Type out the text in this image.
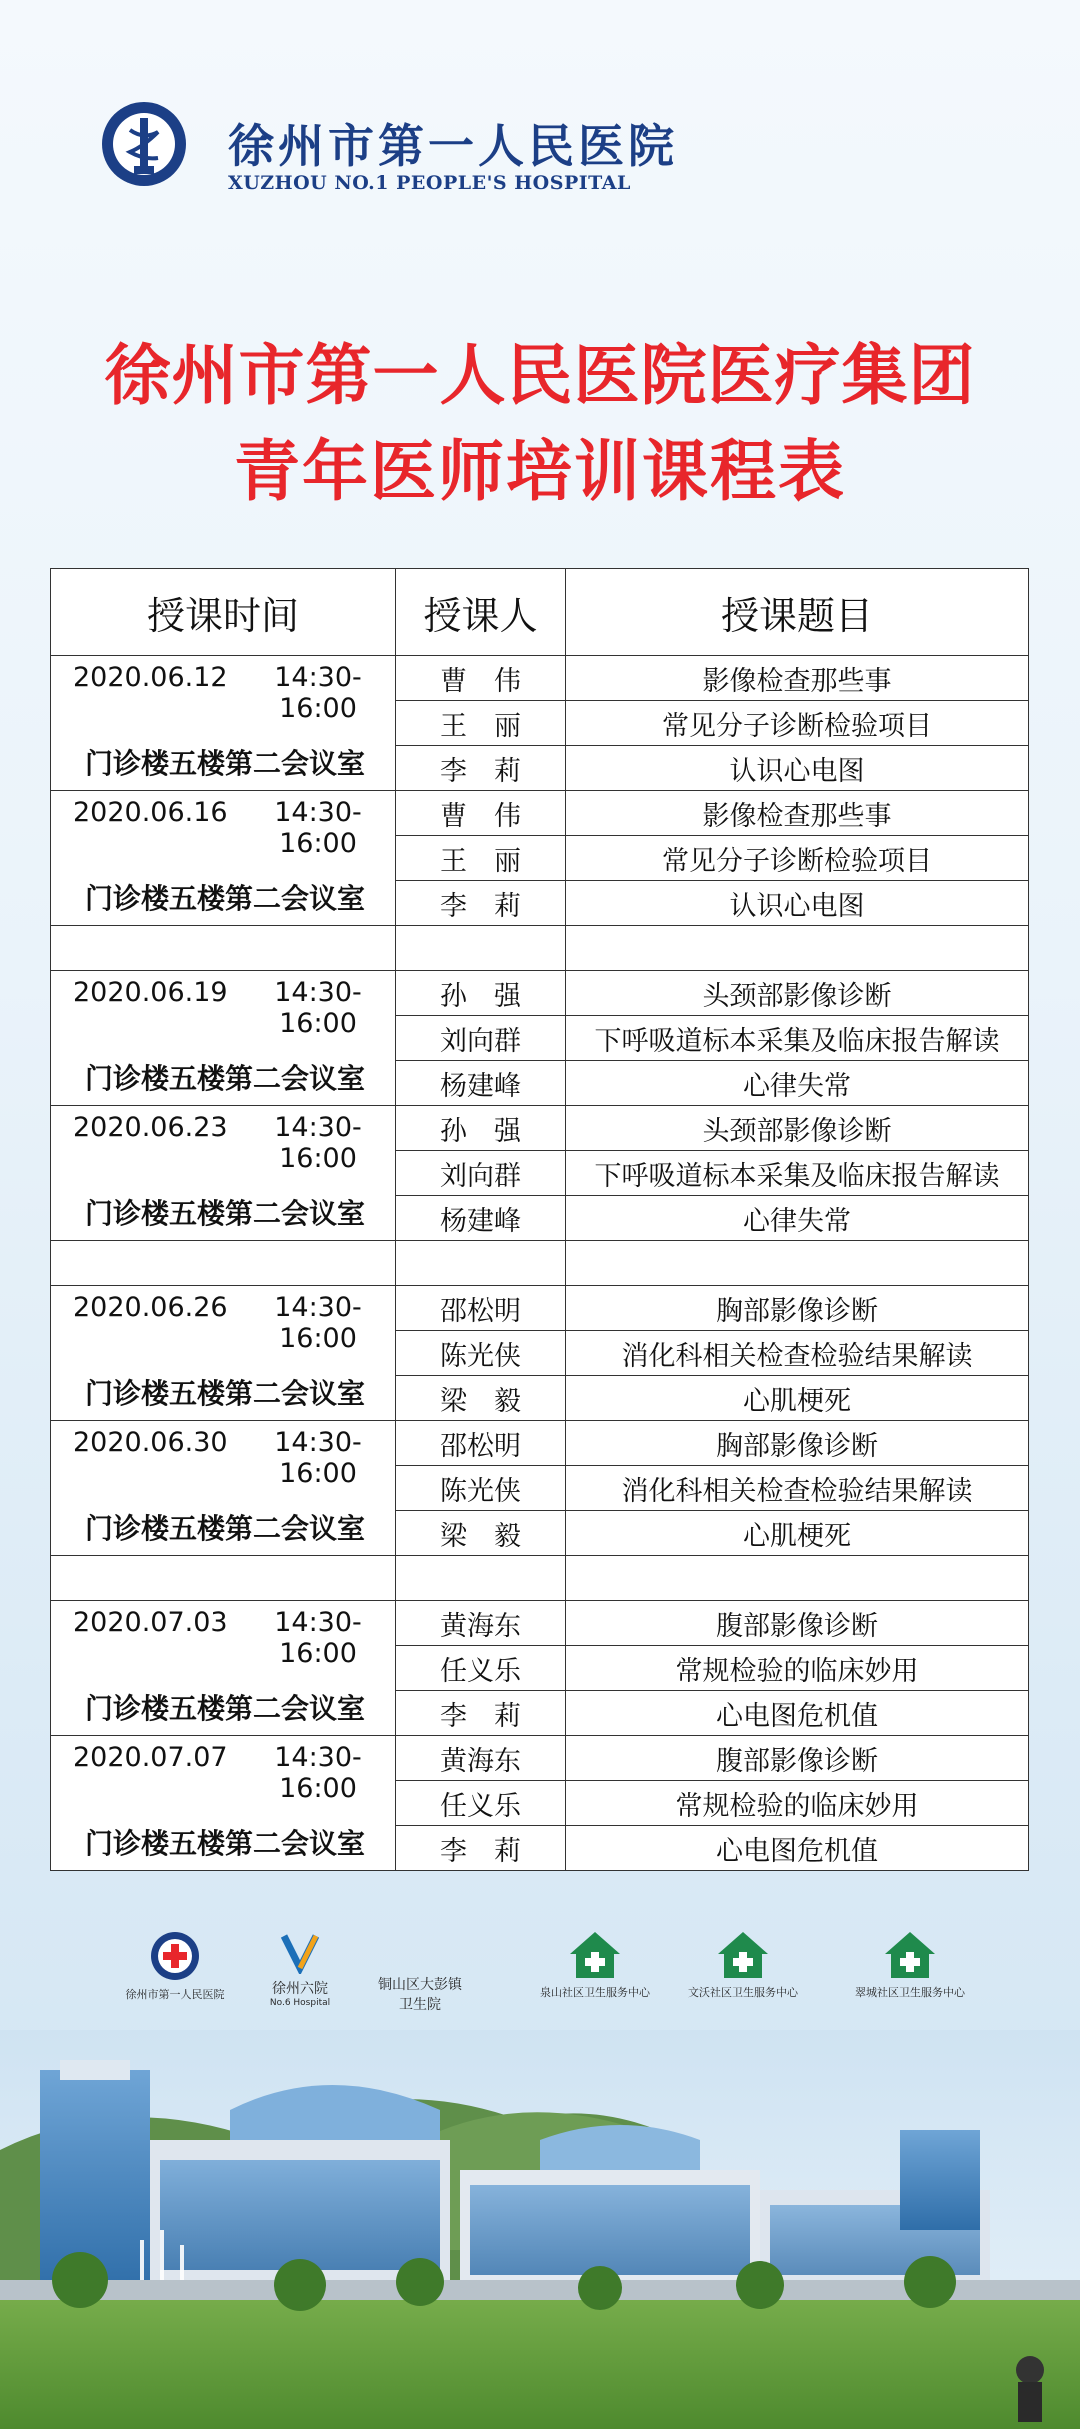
徐州市第一人民医院
XUZHOU NO.1 PEOPLE'S HOSPITAL
徐州市第一人民医院医疗集团
青年医师培训课程表
授课时间	授课人	授课题目

2020.06.12 14:30-16:00
门诊楼五楼第二会议室	曹　伟	影像检查那些事
	王　丽	常见分子诊断检验项目
	李　莉	认识心电图

2020.06.16 14:30-16:00
门诊楼五楼第二会议室	曹　伟	影像检查那些事
	王　丽	常见分子诊断检验项目
	李　莉	认识心电图

2020.06.19 14:30-16:00
门诊楼五楼第二会议室	孙　强	头颈部影像诊断
	刘向群	下呼吸道标本采集及临床报告解读
	杨建峰	心律失常

2020.06.23 14:30-16:00
门诊楼五楼第二会议室	孙　强	头颈部影像诊断
	刘向群	下呼吸道标本采集及临床报告解读
	杨建峰	心律失常

2020.06.26 14:30-16:00
门诊楼五楼第二会议室	邵松明	胸部影像诊断
	陈光侠	消化科相关检查检验结果解读
	梁　毅	心肌梗死

2020.06.30 14:30-16:00
门诊楼五楼第二会议室	邵松明	胸部影像诊断
	陈光侠	消化科相关检查检验结果解读
	梁　毅	心肌梗死

2020.07.03 14:30-16:00
门诊楼五楼第二会议室	黄海东	腹部影像诊断
	任义乐	常规检验的临床妙用
	李　莉	心电图危机值

2020.07.07 14:30-16:00
门诊楼五楼第二会议室	黄海东	腹部影像诊断
	任义乐	常规检验的临床妙用
	李　莉	心电图危机值
徐州市第一人民医院	徐州六院
No.6 Hospital
铜山区大彭镇
卫生院
泉山社区卫生服务中心	文沃社区卫生服务中心	翠城社区卫生服务中心
